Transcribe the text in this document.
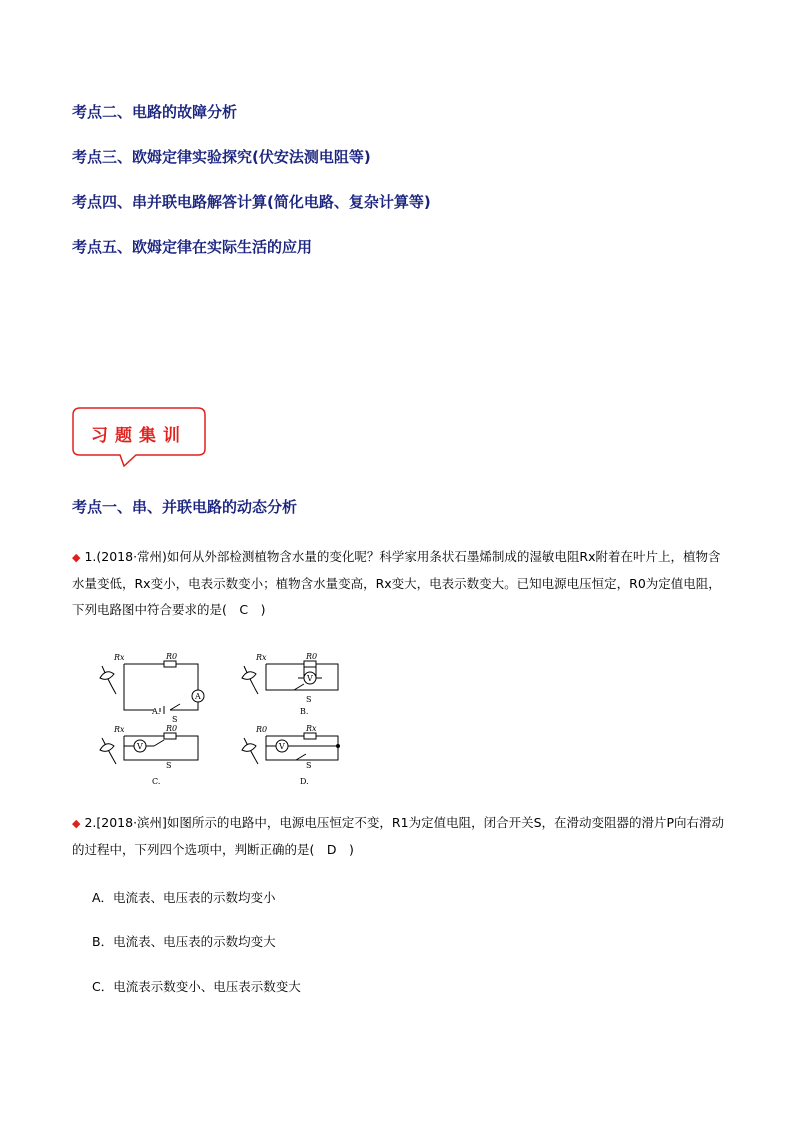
考点二、电路的故障分析
考点三、欧姆定律实验探究(伏安法测电阻等)
考点四、串并联电路解答计算(简化电路、复杂计算等)
考点五、欧姆定律在实际生活的应用
习题集训
考点一、串、并联电路的动态分析
◆ 1.(2018·常州)如何从外部检测植物含水量的变化呢？科学家用条状石墨烯制成的湿敏电阻Rx附着在叶片上，植物含水量变低，Rx变小，电表示数变小；植物含水量变高，Rx变大，电表示数变大。已知电源电压恒定，R0为定值电阻，下列电路图中符合要求的是(　C　)
Rx	R0
A
S
A.
Rx	R0
V
S
B.
Rx	R0
V
S
C.
R0	Rx
V
S
D.
◆ 2.[2018·滨州]如图所示的电路中，电源电压恒定不变，R1为定值电阻，闭合开关S，在滑动变阻器的滑片P向右滑动的过程中，下列四个选项中，判断正确的是(　D　)
A．电流表、电压表的示数均变小
B．电流表、电压表的示数均变大
C．电流表示数变小、电压表示数变大
